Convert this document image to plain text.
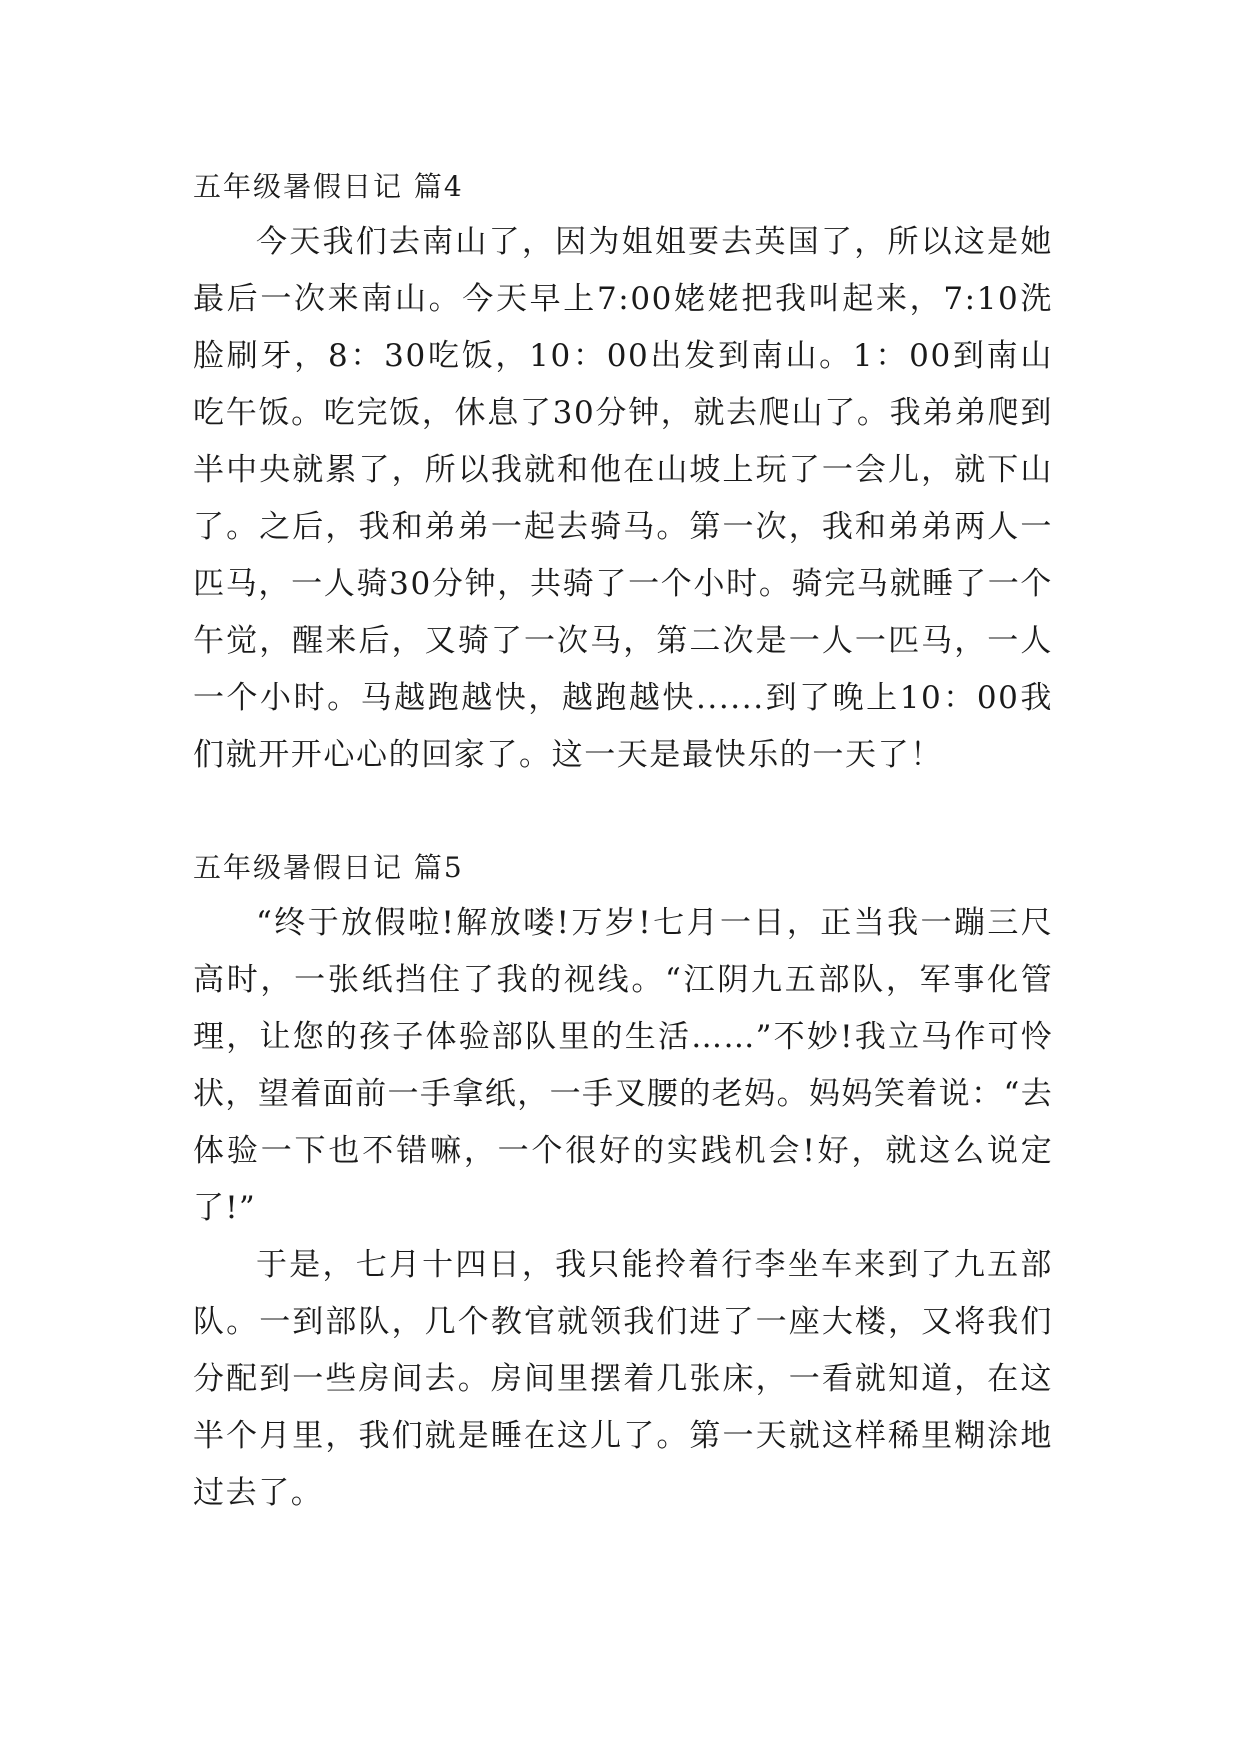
五年级暑假日记 篇4

今天我们去南山了，因为姐姐要去英国了，所以这是她最后一次来南山。今天早上7:00姥姥把我叫起来，7:10洗脸刷牙，8：30吃饭，10：00出发到南山。1：00到南山吃午饭。吃完饭，休息了30分钟，就去爬山了。我弟弟爬到半中央就累了，所以我就和他在山坡上玩了一会儿，就下山了。之后，我和弟弟一起去骑马。第一次，我和弟弟两人一匹马，一人骑30分钟，共骑了一个小时。骑完马就睡了一个午觉，醒来后，又骑了一次马，第二次是一人一匹马，一人一个小时。马越跑越快，越跑越快......到了晚上10：00我们就开开心心的回家了。这一天是最快乐的一天了！

五年级暑假日记 篇5

“终于放假啦!解放喽!万岁!七月一日，正当我一蹦三尺高时，一张纸挡住了我的视线。“江阴九五部队，军事化管理，让您的孩子体验部队里的生活……”不妙!我立马作可怜状，望着面前一手拿纸，一手叉腰的老妈。妈妈笑着说：“去体验一下也不错嘛，一个很好的实践机会!好，就这么说定了!”

于是，七月十四日，我只能拎着行李坐车来到了九五部队。一到部队，几个教官就领我们进了一座大楼，又将我们分配到一些房间去。房间里摆着几张床，一看就知道，在这半个月里，我们就是睡在这儿了。第一天就这样稀里糊涂地过去了。
